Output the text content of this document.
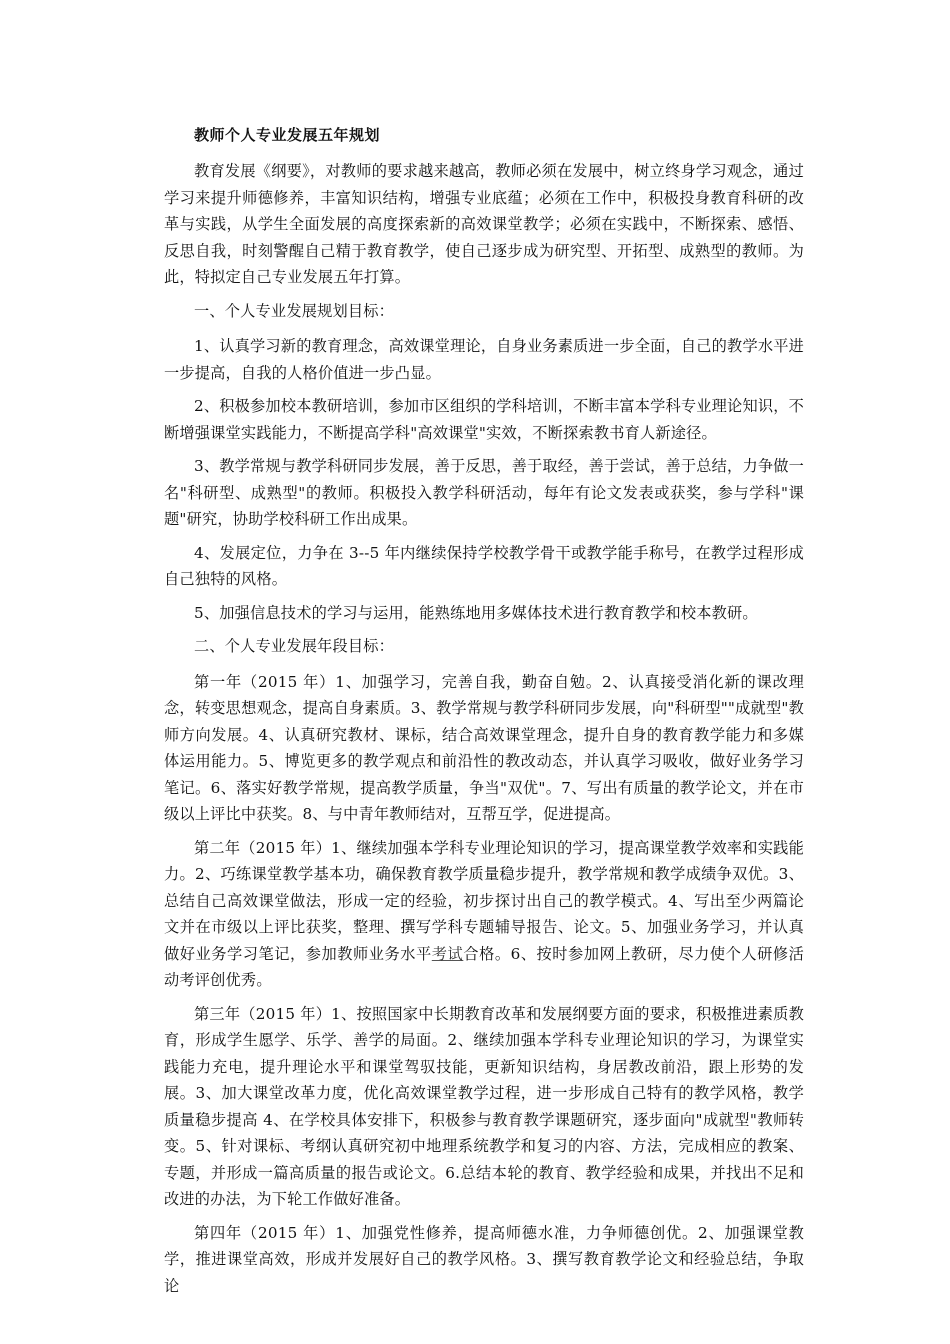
教师个人专业发展五年规划

教育发展《纲要》，对教师的要求越来越高，教师必须在发展中，树立终身学习观念，通过学习来提升师德修养，丰富知识结构，增强专业底蕴；必须在工作中，积极投身教育科研的改革与实践，从学生全面发展的高度探索新的高效课堂教学；必须在实践中，不断探索、感悟、反思自我，时刻警醒自己精于教育教学，使自己逐步成为研究型、开拓型、成熟型的教师。为此，特拟定自己专业发展五年打算。

一、个人专业发展规划目标：

1、认真学习新的教育理念，高效课堂理论，自身业务素质进一步全面，自己的教学水平进一步提高，自我的人格价值进一步凸显。

2、积极参加校本教研培训，参加市区组织的学科培训，不断丰富本学科专业理论知识，不断增强课堂实践能力，不断提高学科"高效课堂"实效，不断探索教书育人新途径。

3、教学常规与教学科研同步发展，善于反思，善于取经，善于尝试，善于总结，力争做一名"科研型、成熟型"的教师。积极投入教学科研活动，每年有论文发表或获奖，参与学科"课题"研究，协助学校科研工作出成果。

4、发展定位，力争在 3--5 年内继续保持学校教学骨干或教学能手称号，在教学过程形成自己独特的风格。

5、加强信息技术的学习与运用，能熟练地用多媒体技术进行教育教学和校本教研。

二、个人专业发展年段目标：

第一年（2015 年）1、加强学习，完善自我，勤奋自勉。2、认真接受消化新的课改理念，转变思想观念，提高自身素质。3、教学常规与教学科研同步发展，向"科研型""成就型"教师方向发展。4、认真研究教材、课标，结合高效课堂理念，提升自身的教育教学能力和多媒体运用能力。5、博览更多的教学观点和前沿性的教改动态，并认真学习吸收，做好业务学习笔记。6、落实好教学常规，提高教学质量，争当"双优"。7、写出有质量的教学论文，并在市级以上评比中获奖。8、与中青年教师结对，互帮互学，促进提高。

第二年（2015 年）1、继续加强本学科专业理论知识的学习，提高课堂教学效率和实践能力。2、巧练课堂教学基本功，确保教育教学质量稳步提升，教学常规和教学成绩争双优。3、总结自己高效课堂做法，形成一定的经验，初步探讨出自己的教学模式。4、写出至少两篇论文并在市级以上评比获奖，整理、撰写学科专题辅导报告、论文。5、加强业务学习，并认真做好业务学习笔记，参加教师业务水平考试合格。6、按时参加网上教研，尽力使个人研修活动考评创优秀。

第三年（2015 年）1、按照国家中长期教育改革和发展纲要方面的要求，积极推进素质教育，形成学生愿学、乐学、善学的局面。2、继续加强本学科专业理论知识的学习，为课堂实践能力充电，提升理论水平和课堂驾驭技能，更新知识结构，身居教改前沿，跟上形势的发展。3、加大课堂改革力度，优化高效课堂教学过程，进一步形成自己特有的教学风格，教学质量稳步提高 4、在学校具体安排下，积极参与教育教学课题研究，逐步面向"成就型"教师转变。5、针对课标、考纲认真研究初中地理系统教学和复习的内容、方法，完成相应的教案、专题，并形成一篇高质量的报告或论文。6.总结本轮的教育、教学经验和成果，并找出不足和改进的办法，为下轮工作做好准备。

第四年（2015 年）1、加强党性修养，提高师德水准，力争师德创优。2、加强课堂教学，推进课堂高效，形成并发展好自己的教学风格。3、撰写教育教学论文和经验总结，争取论
